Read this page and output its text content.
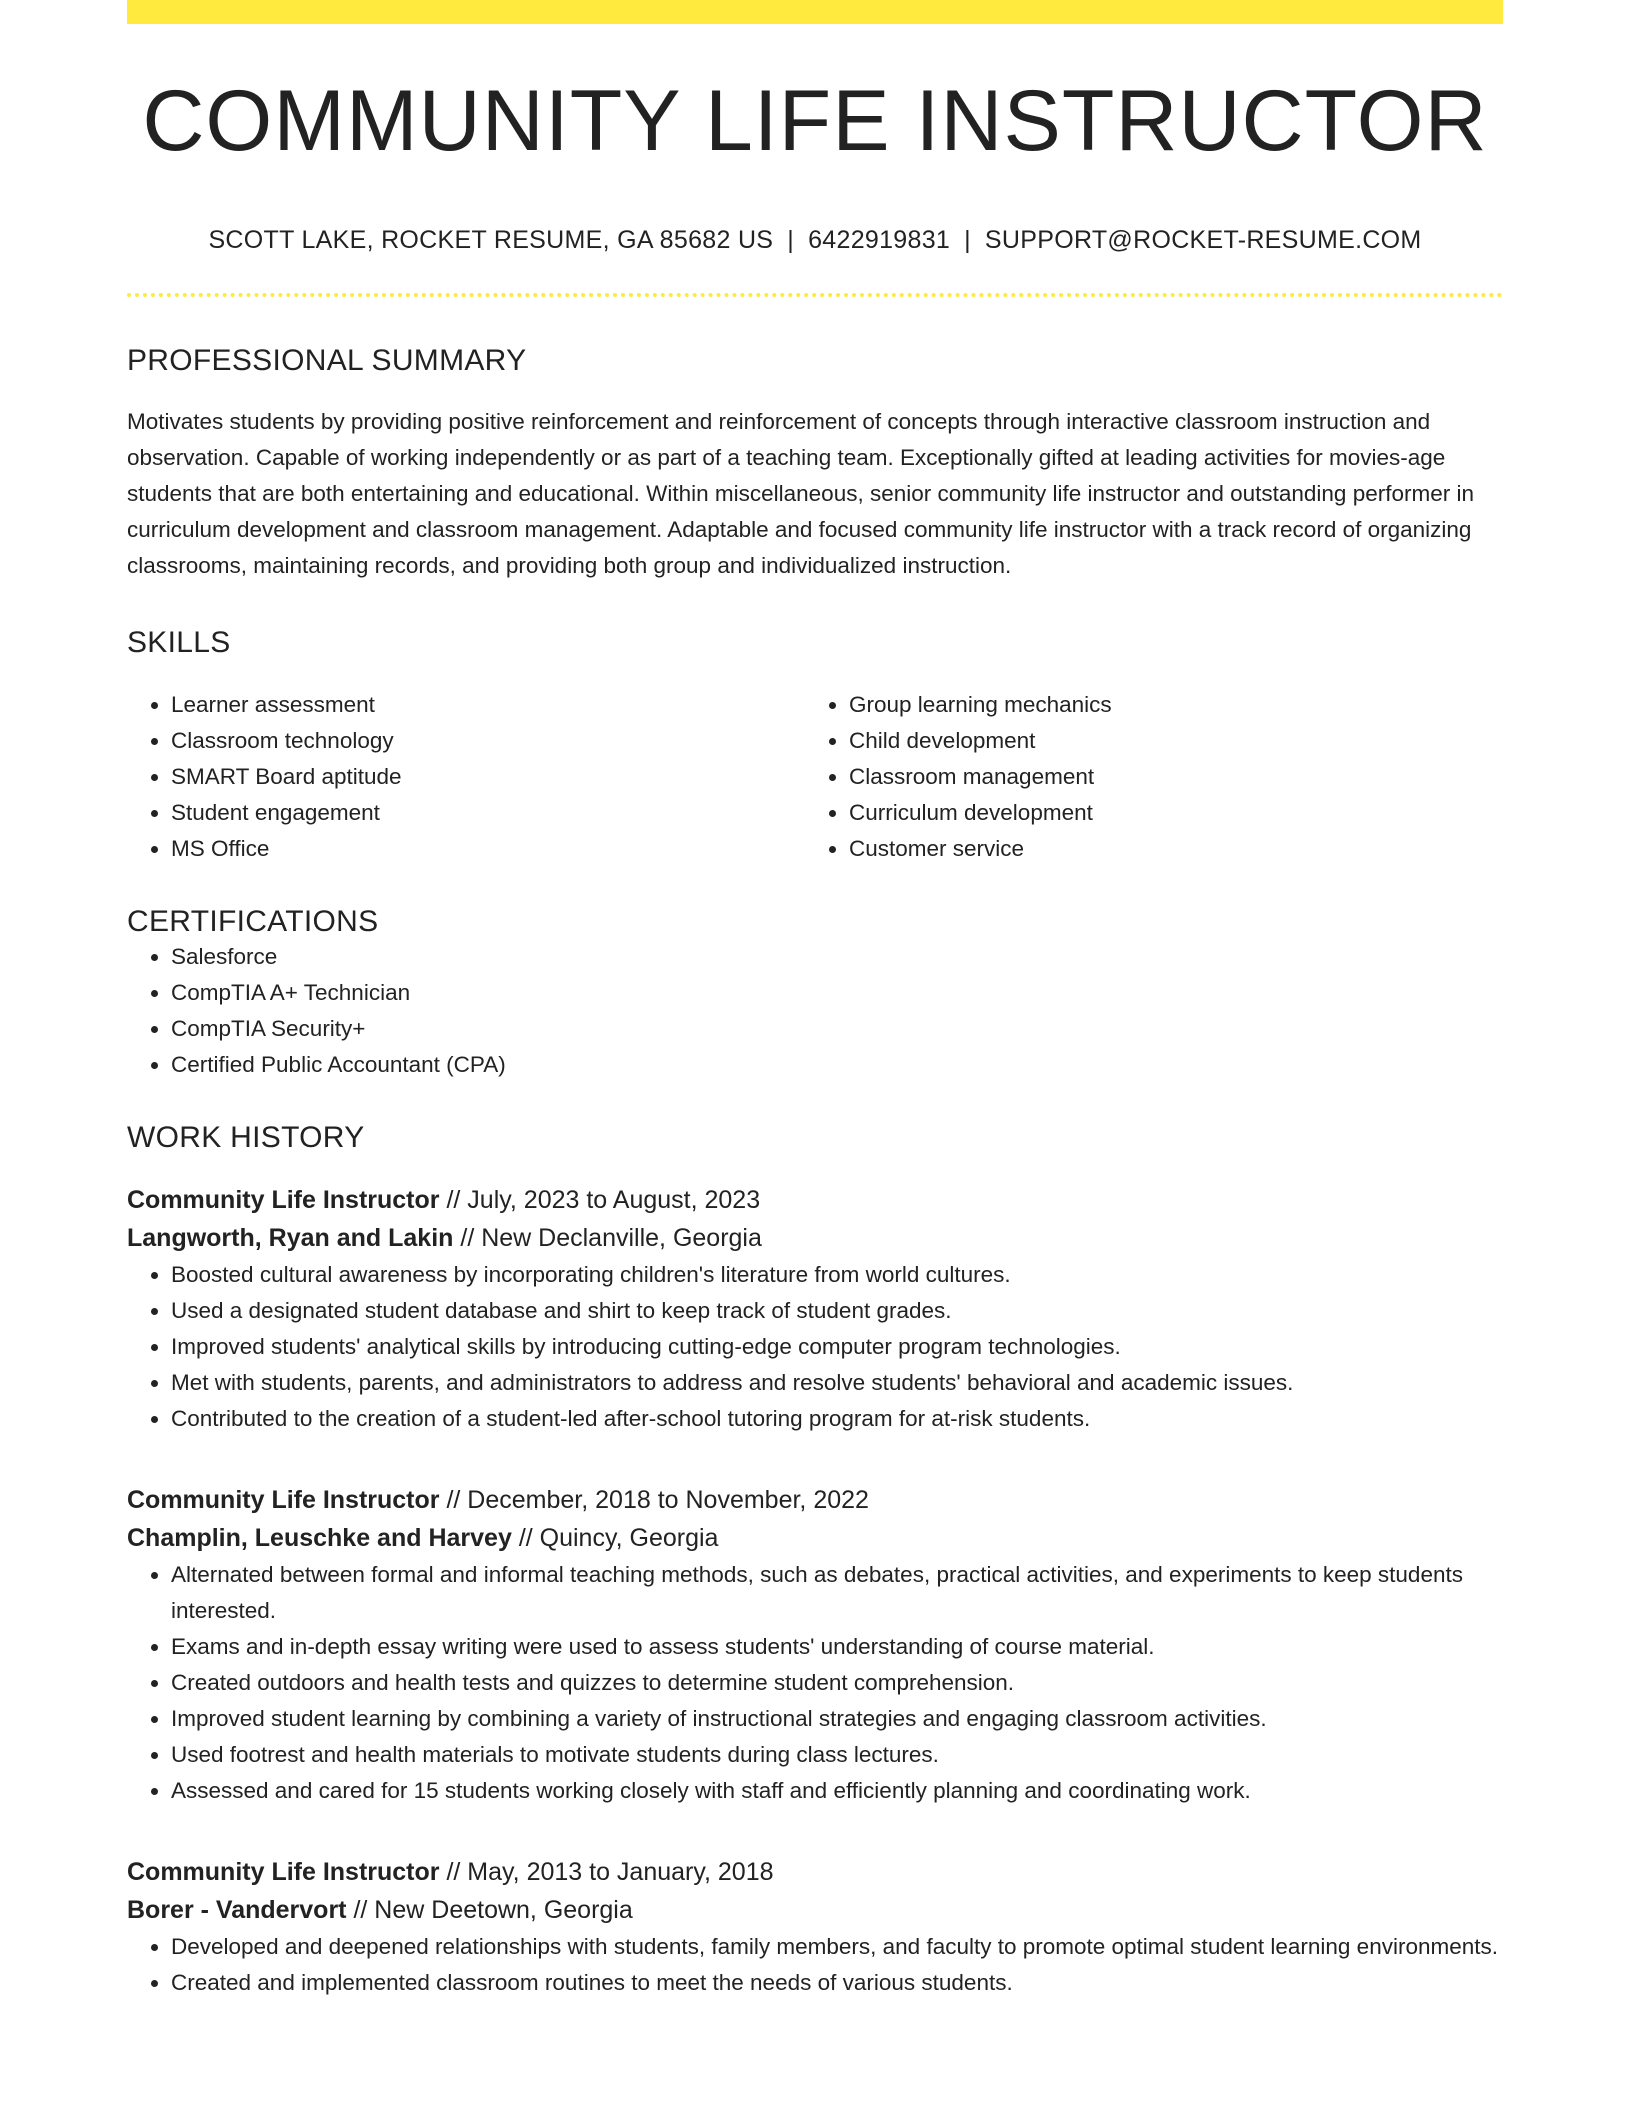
COMMUNITY LIFE INSTRUCTOR
SCOTT LAKE, ROCKET RESUME, GA 85682 US | 6422919831 | SUPPORT@ROCKET-RESUME.COM
PROFESSIONAL SUMMARY
Motivates students by providing positive reinforcement and reinforcement of concepts through interactive classroom instruction and observation. Capable of working independently or as part of a teaching team. Exceptionally gifted at leading activities for movies-age students that are both entertaining and educational. Within miscellaneous, senior community life instructor and outstanding performer in curriculum development and classroom management. Adaptable and focused community life instructor with a track record of organizing classrooms, maintaining records, and providing both group and individualized instruction.
SKILLS
• Learner assessment
• Classroom technology
• SMART Board aptitude
• Student engagement
• MS Office
• Group learning mechanics
• Child development
• Classroom management
• Curriculum development
• Customer service
CERTIFICATIONS
• Salesforce
• CompTIA A+ Technician
• CompTIA Security+
• Certified Public Accountant (CPA)
WORK HISTORY
Community Life Instructor // July, 2023 to August, 2023
Langworth, Ryan and Lakin // New Declanville, Georgia
• Boosted cultural awareness by incorporating children's literature from world cultures.
• Used a designated student database and shirt to keep track of student grades.
• Improved students' analytical skills by introducing cutting-edge computer program technologies.
• Met with students, parents, and administrators to address and resolve students' behavioral and academic issues.
• Contributed to the creation of a student-led after-school tutoring program for at-risk students.
Community Life Instructor // December, 2018 to November, 2022
Champlin, Leuschke and Harvey // Quincy, Georgia
• Alternated between formal and informal teaching methods, such as debates, practical activities, and experiments to keep students interested.
• Exams and in-depth essay writing were used to assess students' understanding of course material.
• Created outdoors and health tests and quizzes to determine student comprehension.
• Improved student learning by combining a variety of instructional strategies and engaging classroom activities.
• Used footrest and health materials to motivate students during class lectures.
• Assessed and cared for 15 students working closely with staff and efficiently planning and coordinating work.
Community Life Instructor // May, 2013 to January, 2018
Borer - Vandervort // New Deetown, Georgia
• Developed and deepened relationships with students, family members, and faculty to promote optimal student learning environments.
• Created and implemented classroom routines to meet the needs of various students.
